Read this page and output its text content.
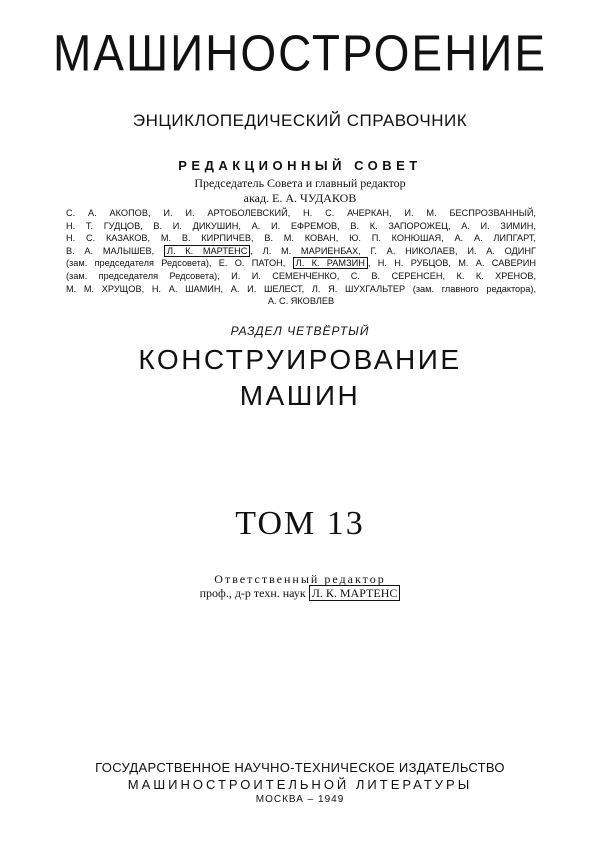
МАШИНОСТРОЕНИЕ
ЭНЦИКЛОПЕДИЧЕСКИЙ СПРАВОЧНИК
РЕДАКЦИОННЫЙ СОВЕТ
Председатель Совета и главный редактор
акад. Е. А. ЧУДАКОВ
С. А. АКОПОВ, И. И. АРТОБОЛЕВСКИЙ, Н. С. АЧЕРКАН, И. М. БЕСПРОЗВАННЫЙ,
Н. Т. ГУДЦОВ, В. И. ДИКУШИН, А. И. ЕФРЕМОВ, В. К. ЗАПОРОЖЕЦ, А. И. ЗИМИН,
Н. С. КАЗАКОВ, М. В. КИРПИЧЕВ, В. М. КОВАН, Ю. П. КОНЮШАЯ, А. А. ЛИПГАРТ,
В. А. МАЛЫШЕВ, Л. К. МАРТЕНС , Л. М. МАРИЕНБАХ, Г. А. НИКОЛАЕВ, И. А. ОДИНГ
(зам. председателя Редсовета), Е. О. ПАТОН, Л. К. РАМЗИН , Н. Н. РУБЦОВ, М. А. САВЕРИН
(зам. председателя Редсовета), И. И. СЕМЕНЧЕНКО, С. В. СЕРЕНСЕН, К. К. ХРЕНОВ,
М. М. ХРУЩОВ, Н. А. ШАМИН, А. И. ШЕЛЕСТ, Л. Я. ШУХГАЛЬТЕР (зам. главного редактора),
А. С. ЯКОВЛЕВ
РАЗДЕЛ ЧЕТВЁРТЫЙ
КОНСТРУИРОВАНИЕ
МАШИН
ТОМ 13
Ответственный редактор
проф., д-р техн. наук Л. К. МАРТЕНС
ГОСУДАРСТВЕННОЕ НАУЧНО-ТЕХНИЧЕСКОЕ ИЗДАТЕЛЬСТВО
МАШИНОСТРОИТЕЛЬНОЙ ЛИТЕРАТУРЫ
МОСКВА – 1949
